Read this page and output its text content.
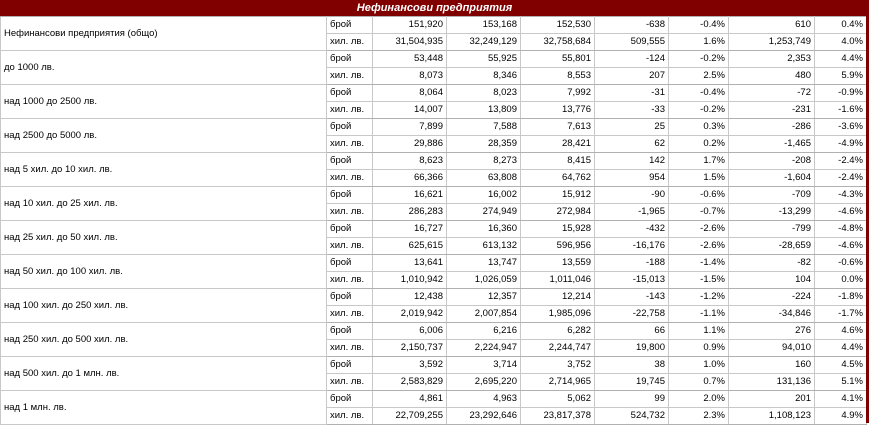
Нефинансови предприятия
Нефинансови предприятия (общо)	брой	151,920	153,168	152,530	-638	-0.4%	610	0.4%
	хил. лв.	31,504,935	32,249,129	32,758,684	509,555	1.6%	1,253,749	4.0%
до 1000 лв.	брой	53,448	55,925	55,801	-124	-0.2%	2,353	4.4%
	хил. лв.	8,073	8,346	8,553	207	2.5%	480	5.9%
над 1000 до 2500 лв.	брой	8,064	8,023	7,992	-31	-0.4%	-72	-0.9%
	хил. лв.	14,007	13,809	13,776	-33	-0.2%	-231	-1.6%
над 2500 до 5000 лв.	брой	7,899	7,588	7,613	25	0.3%	-286	-3.6%
	хил. лв.	29,886	28,359	28,421	62	0.2%	-1,465	-4.9%
над 5 хил. до 10 хил. лв.	брой	8,623	8,273	8,415	142	1.7%	-208	-2.4%
	хил. лв.	66,366	63,808	64,762	954	1.5%	-1,604	-2.4%
над 10 хил. до 25 хил. лв.	брой	16,621	16,002	15,912	-90	-0.6%	-709	-4.3%
	хил. лв.	286,283	274,949	272,984	-1,965	-0.7%	-13,299	-4.6%
над 25 хил. до 50 хил. лв.	брой	16,727	16,360	15,928	-432	-2.6%	-799	-4.8%
	хил. лв.	625,615	613,132	596,956	-16,176	-2.6%	-28,659	-4.6%
над 50 хил. до 100 хил. лв.	брой	13,641	13,747	13,559	-188	-1.4%	-82	-0.6%
	хил. лв.	1,010,942	1,026,059	1,011,046	-15,013	-1.5%	104	0.0%
над 100 хил. до 250 хил. лв.	брой	12,438	12,357	12,214	-143	-1.2%	-224	-1.8%
	хил. лв.	2,019,942	2,007,854	1,985,096	-22,758	-1.1%	-34,846	-1.7%
над 250 хил. до 500 хил. лв.	брой	6,006	6,216	6,282	66	1.1%	276	4.6%
	хил. лв.	2,150,737	2,224,947	2,244,747	19,800	0.9%	94,010	4.4%
над 500 хил. до 1 млн. лв.	брой	3,592	3,714	3,752	38	1.0%	160	4.5%
	хил. лв.	2,583,829	2,695,220	2,714,965	19,745	0.7%	131,136	5.1%
над 1 млн. лв.	брой	4,861	4,963	5,062	99	2.0%	201	4.1%
	хил. лв.	22,709,255	23,292,646	23,817,378	524,732	2.3%	1,108,123	4.9%
